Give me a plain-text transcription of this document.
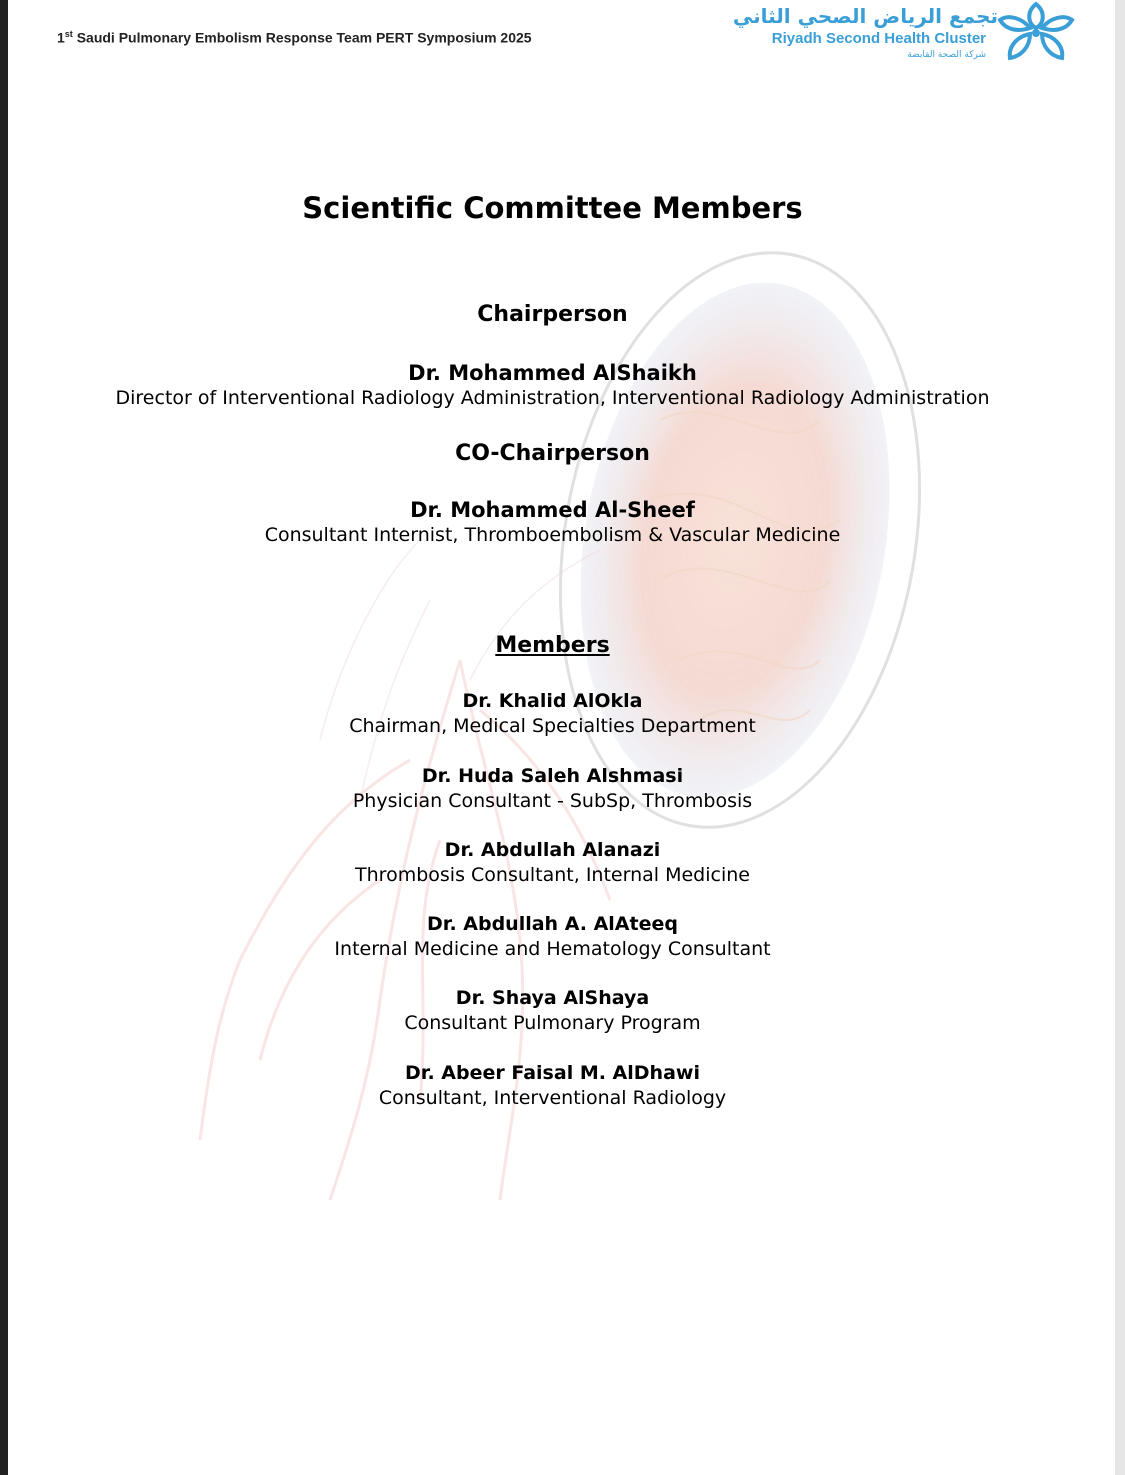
1st Saudi Pulmonary Embolism Response Team PERT Symposium 2025
تجمع الرياض الصحي الثاني
Riyadh Second Health Cluster
شركة الصحة القابضة
Scientific Committee Members
Chairperson
Dr. Mohammed AlShaikh
Director of Interventional Radiology Administration, Interventional Radiology Administration
CO-Chairperson
Dr. Mohammed Al-Sheef
Consultant Internist, Thromboembolism & Vascular Medicine
Members
Dr. Khalid AlOkla
Chairman, Medical Specialties Department
Dr. Huda Saleh Alshmasi
Physician Consultant - SubSp, Thrombosis
Dr. Abdullah Alanazi
Thrombosis Consultant, Internal Medicine
Dr. Abdullah A. AlAteeq
Internal Medicine and Hematology Consultant
Dr. Shaya AlShaya
Consultant Pulmonary Program
Dr. Abeer Faisal M. AlDhawi
Consultant, Interventional Radiology
